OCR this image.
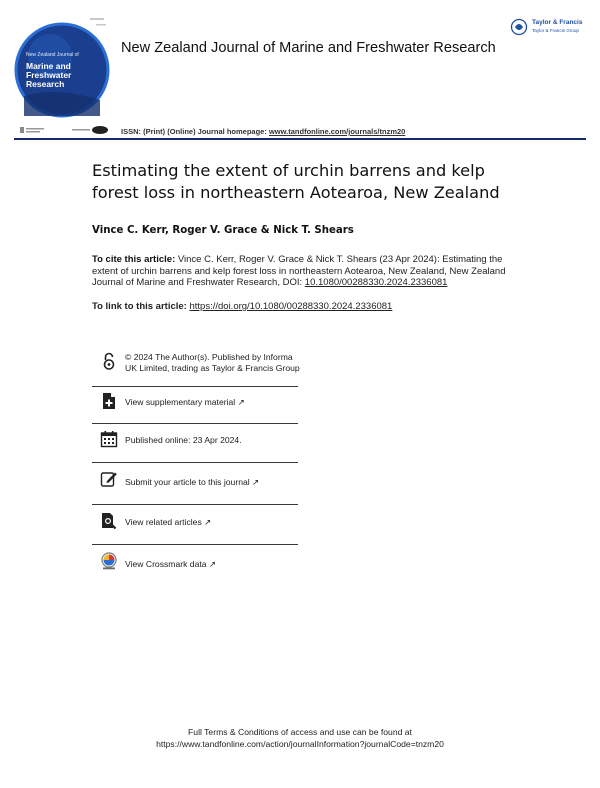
New Zealand Journal of
Marine and
Freshwater
Research
New Zealand Journal of Marine and Freshwater Research
Taylor & Francis
Taylor & Francis Group
ISSN: (Print) (Online) Journal homepage: www.tandfonline.com/journals/tnzm20
Estimating the extent of urchin barrens and kelp forest loss in northeastern Aotearoa, New Zealand
Vince C. Kerr, Roger V. Grace & Nick T. Shears
To cite this article: Vince C. Kerr, Roger V. Grace & Nick T. Shears (23 Apr 2024): Estimating the extent of urchin barrens and kelp forest loss in northeastern Aotearoa, New Zealand, New Zealand Journal of Marine and Freshwater Research, DOI: 10.1080/00288330.2024.2336081
To link to this article: https://doi.org/10.1080/00288330.2024.2336081
© 2024 The Author(s). Published by Informa UK Limited, trading as Taylor & Francis Group
View supplementary material ↗
Published online: 23 Apr 2024.
Submit your article to this journal ↗
View related articles ↗
View Crossmark data ↗
Full Terms & Conditions of access and use can be found at
https://www.tandfonline.com/action/journalInformation?journalCode=tnzm20
